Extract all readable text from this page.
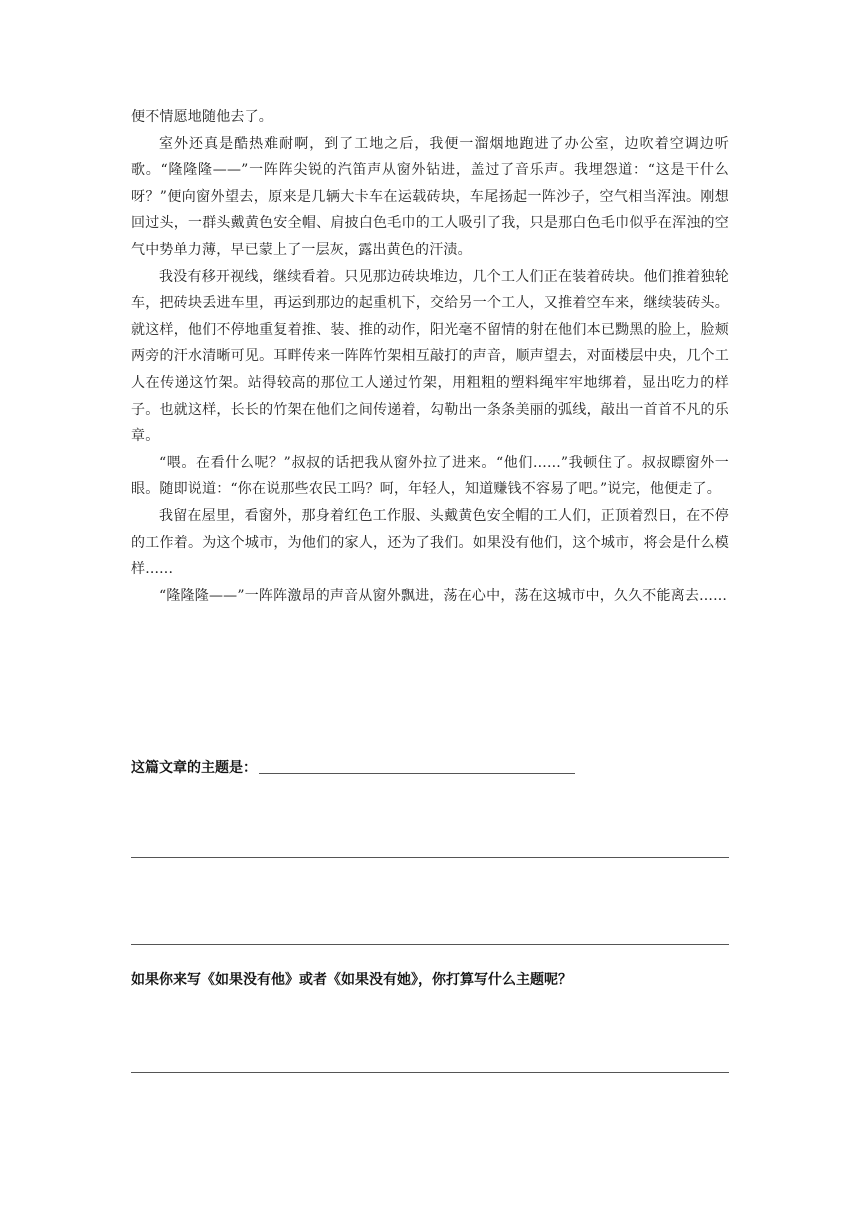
便不情愿地随他去了。

室外还真是酷热难耐啊，到了工地之后，我便一溜烟地跑进了办公室，边吹着空调边听歌。“隆隆隆——”一阵阵尖锐的汽笛声从窗外钻进，盖过了音乐声。我埋怨道：“这是干什么呀？”便向窗外望去，原来是几辆大卡车在运载砖块，车尾扬起一阵沙子，空气相当浑浊。刚想回过头，一群头戴黄色安全帽、肩披白色毛巾的工人吸引了我，只是那白色毛巾似乎在浑浊的空气中势单力薄，早已蒙上了一层灰，露出黄色的汗渍。

我没有移开视线，继续看着。只见那边砖块堆边，几个工人们正在装着砖块。他们推着独轮车，把砖块丢进车里，再运到那边的起重机下，交给另一个工人，又推着空车来，继续装砖头。就这样，他们不停地重复着推、装、推的动作，阳光毫不留情的射在他们本已黝黑的脸上，脸颊两旁的汗水清晰可见。耳畔传来一阵阵竹架相互敲打的声音，顺声望去，对面楼层中央，几个工人在传递这竹架。站得较高的那位工人递过竹架，用粗粗的塑料绳牢牢地绑着，显出吃力的样子。也就这样，长长的竹架在他们之间传递着，勾勒出一条条美丽的弧线，敲出一首首不凡的乐章。

“喂。在看什么呢？”叔叔的话把我从窗外拉了进来。“他们......”我顿住了。叔叔瞟窗外一眼。随即说道：“你在说那些农民工吗？呵，年轻人，知道赚钱不容易了吧。”说完，他便走了。

我留在屋里，看窗外，那身着红色工作服、头戴黄色安全帽的工人们，正顶着烈日，在不停的工作着。为这个城市，为他们的家人，还为了我们。如果没有他们，这个城市，将会是什么模样......

“隆隆隆——”一阵阵激昂的声音从窗外飘进，荡在心中，荡在这城市中，久久不能离去......

这篇文章的主题是：
如果你来写《如果没有他》或者《如果没有她》，你打算写什么主题呢？
